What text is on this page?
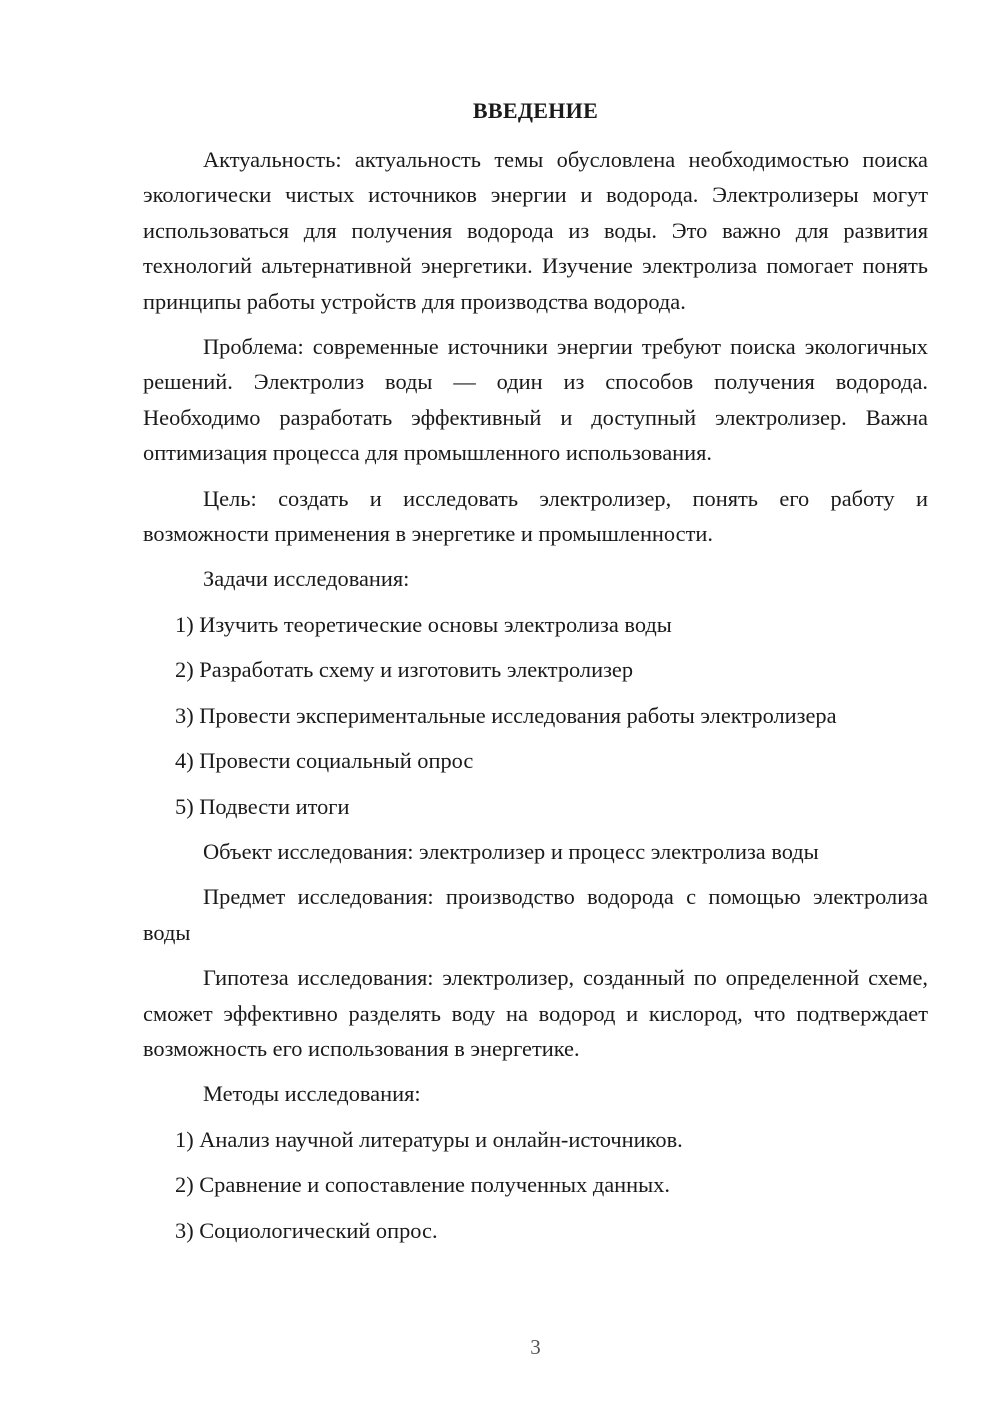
ВВЕДЕНИЕ

Актуальность: актуальность темы обусловлена необходимостью поиска экологически чистых источников энергии и водорода. Электролизеры могут использоваться для получения водорода из воды. Это важно для развития технологий альтернативной энергетики. Изучение электролиза помогает понять принципы работы устройств для производства водорода.

Проблема: современные источники энергии требуют поиска экологичных решений. Электролиз воды — один из способов получения водорода. Необходимо разработать эффективный и доступный электролизер. Важна оптимизация процесса для промышленного использования.

Цель: создать и исследовать электролизер, понять его работу и возможности применения в энергетике и промышленности.

Задачи исследования:

1) Изучить теоретические основы электролиза воды
2) Разработать схему и изготовить электролизер
3) Провести экспериментальные исследования работы электролизера
4) Провести социальный опрос
5) Подвести итоги

Объект исследования: электролизер и процесс электролиза воды

Предмет исследования: производство водорода с помощью электролиза воды

Гипотеза исследования: электролизер, созданный по определенной схеме, сможет эффективно разделять воду на водород и кислород, что подтверждает возможность его использования в энергетике.

Методы исследования:

1) Анализ научной литературы и онлайн-источников.
2) Сравнение и сопоставление полученных данных.
3) Социологический опрос.
3
